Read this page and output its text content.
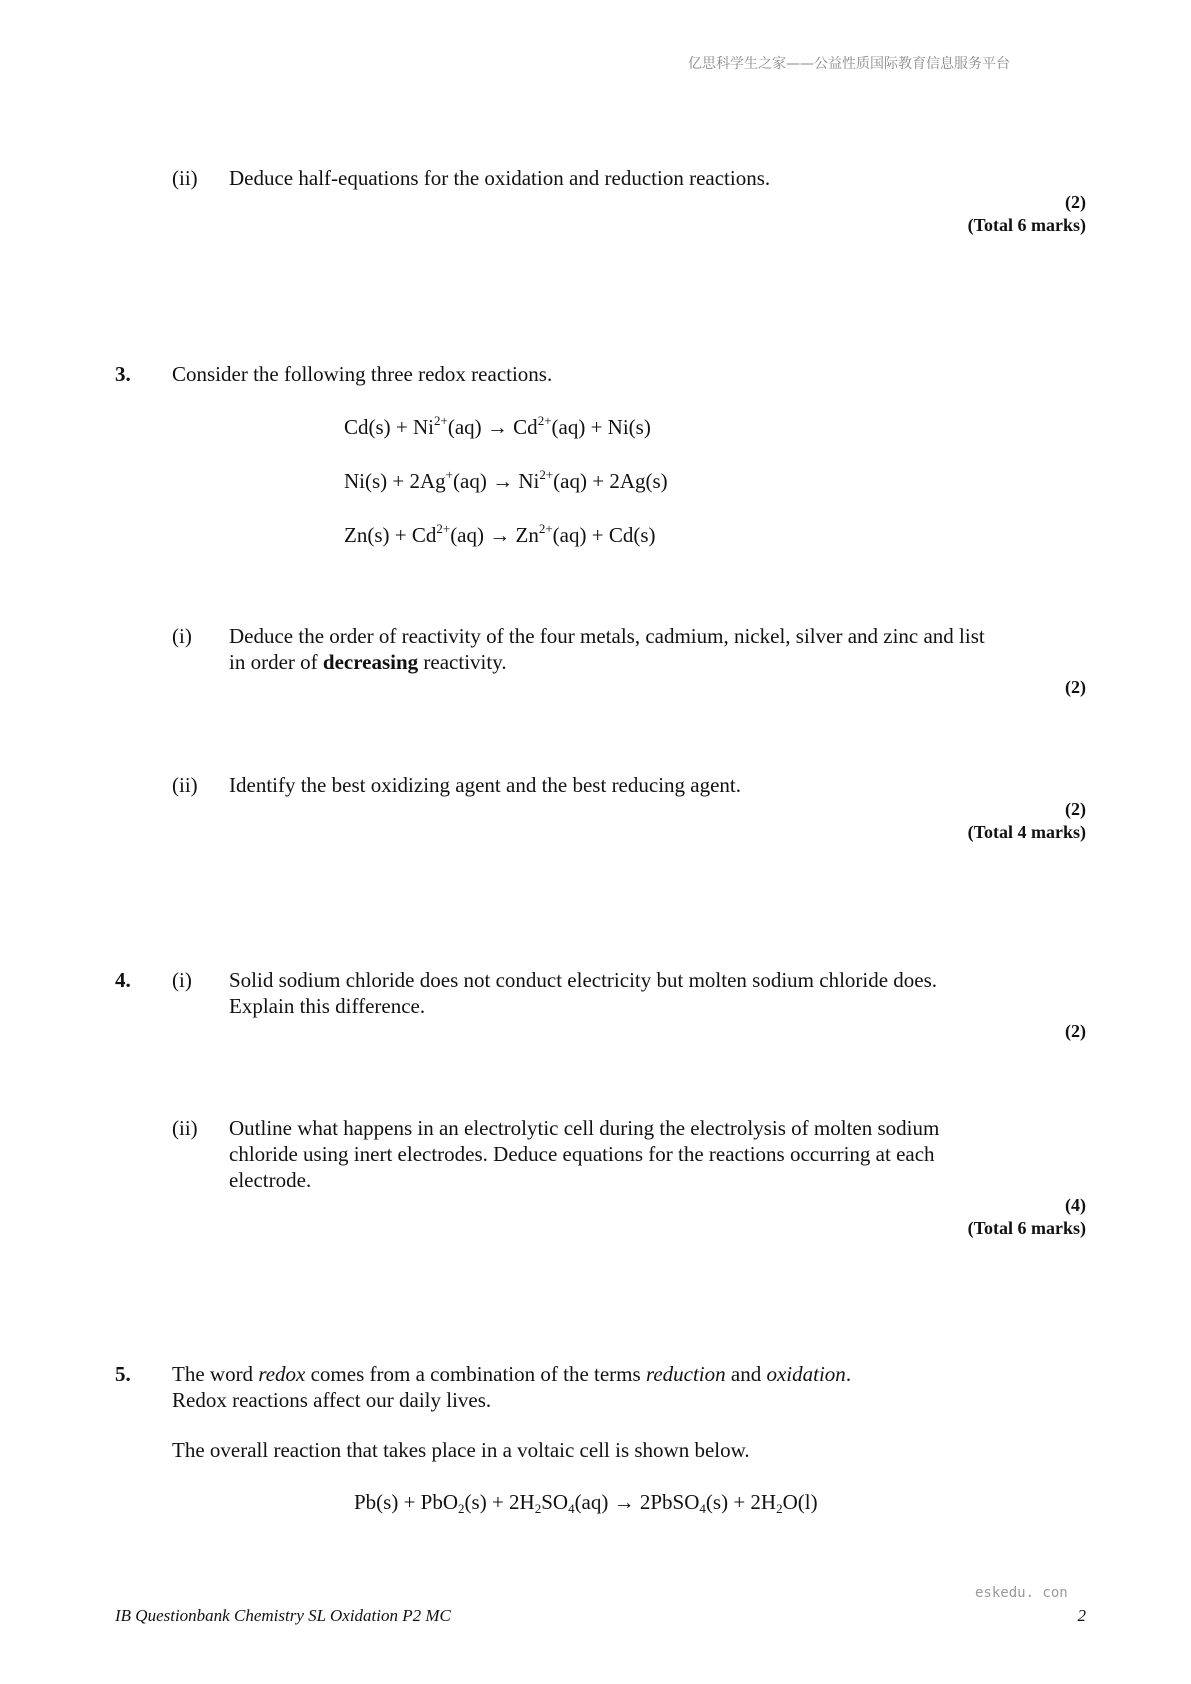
亿思科学生之家——公益性质国际教育信息服务平台
(ii) Deduce half-equations for the oxidation and reduction reactions.
(2)
(Total 6 marks)
3. Consider the following three redox reactions.
$Cd(s) + Ni^{2+}(aq) \to Cd^{2+}(aq) + Ni(s)$
$Ni(s) + 2Ag^+(aq) \to Ni^{2+}(aq) + 2Ag(s)$
$Zn(s) + Cd^{2+}(aq) \to Zn^{2+}(aq) + Cd(s)$
(i) Deduce the order of reactivity of the four metals, cadmium, nickel, silver and zinc and list
in order of decreasing reactivity.
(2)
(ii) Identify the best oxidizing agent and the best reducing agent.
(2)
(Total 4 marks)
4. (i) Solid sodium chloride does not conduct electricity but molten sodium chloride does.
Explain this difference.
(2)
(ii) Outline what happens in an electrolytic cell during the electrolysis of molten sodium
chloride using inert electrodes. Deduce equations for the reactions occurring at each
electrode.
(4)
(Total 6 marks)
5. The word redox comes from a combination of the terms reduction and oxidation.
Redox reactions affect our daily lives.
The overall reaction that takes place in a voltaic cell is shown below.
$Pb(s) + PbO_2(s) + 2H_2SO_4(aq)$ → 2PbSO$_4$(s) + $2H_2O(l)$
eskedu. con
IB Questionbank Chemistry SL Oxidation P2 MC	2
